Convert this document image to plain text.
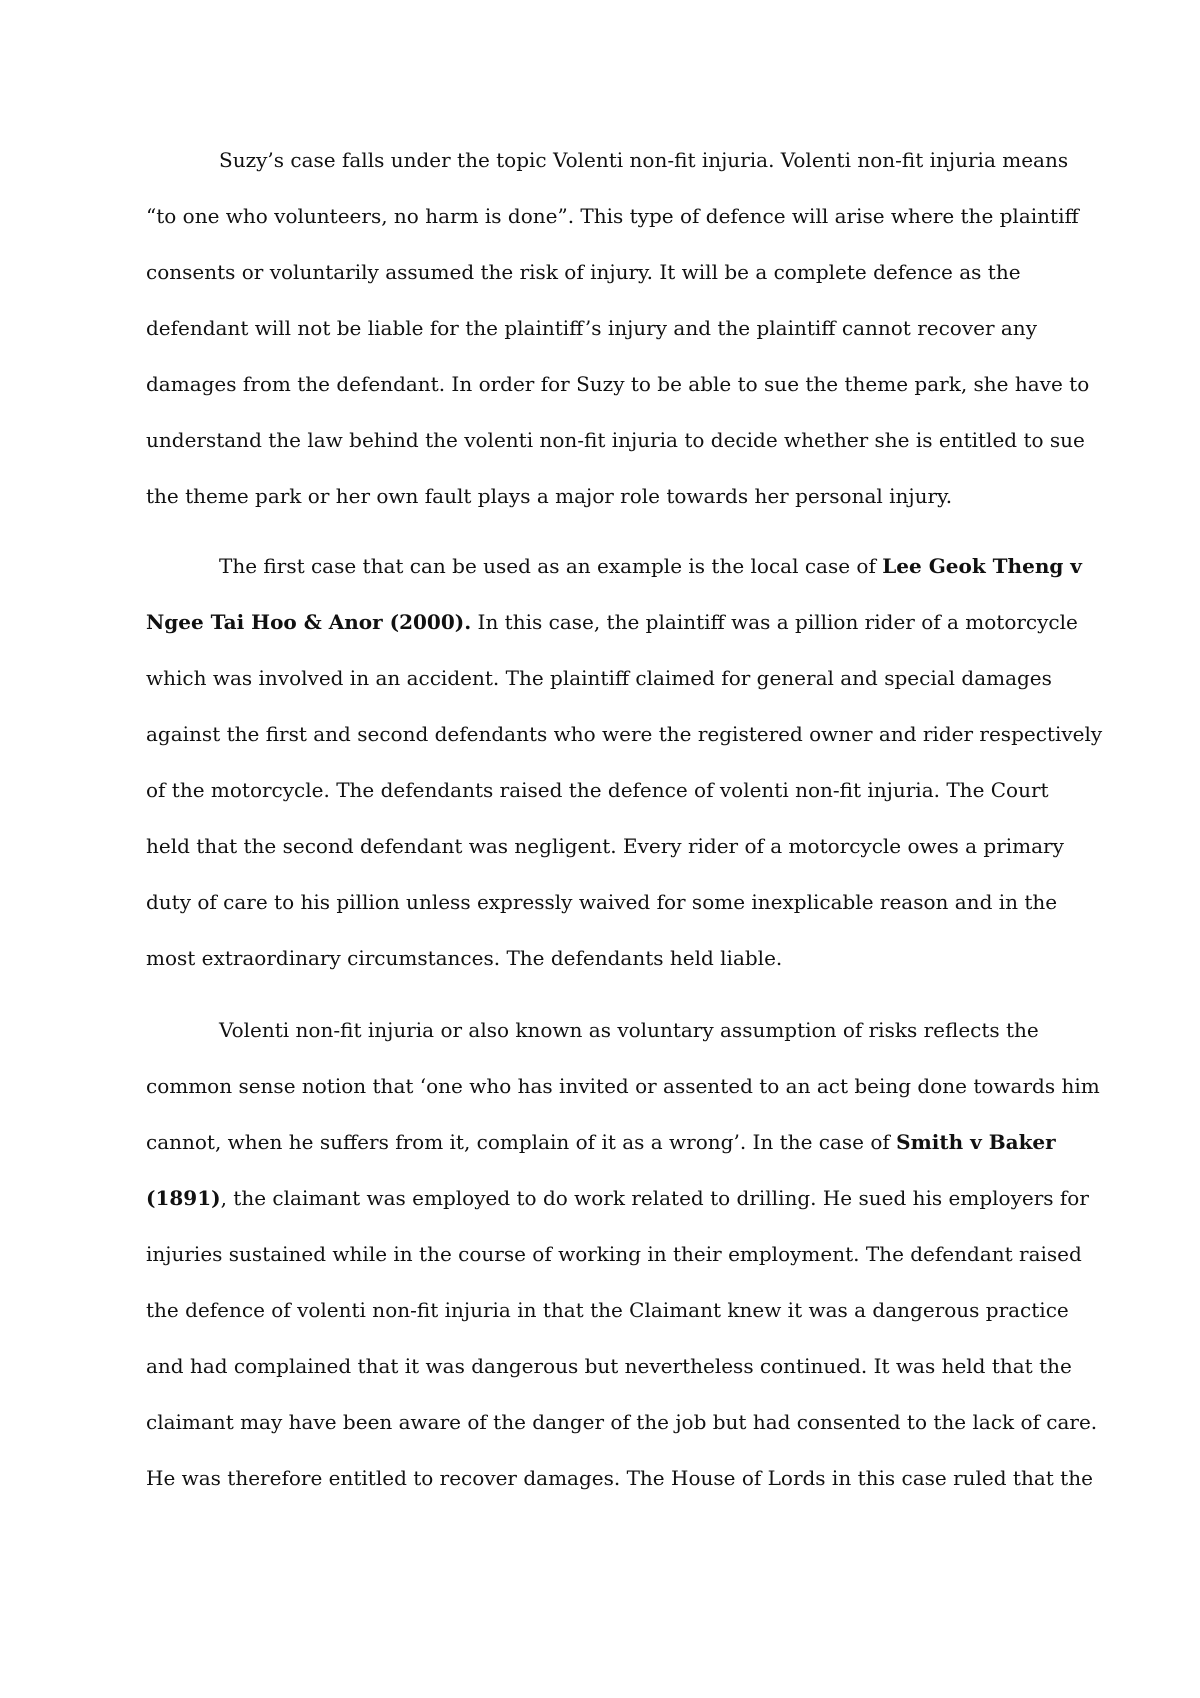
Suzy’s case falls under the topic Volenti non-fit injuria. Volenti non-fit injuria means
“to one who volunteers, no harm is done”. This type of defence will arise where the plaintiff
consents or voluntarily assumed the risk of injury. It will be a complete defence as the
defendant will not be liable for the plaintiff’s injury and the plaintiff cannot recover any
damages from the defendant. In order for Suzy to be able to sue the theme park, she have to
understand the law behind the volenti non-fit injuria to decide whether she is entitled to sue
the theme park or her own fault plays a major role towards her personal injury.
The first case that can be used as an example is the local case of Lee Geok Theng v
Ngee Tai Hoo & Anor (2000). In this case, the plaintiff was a pillion rider of a motorcycle
which was involved in an accident. The plaintiff claimed for general and special damages
against the first and second defendants who were the registered owner and rider respectively
of the motorcycle. The defendants raised the defence of volenti non-fit injuria. The Court
held that the second defendant was negligent. Every rider of a motorcycle owes a primary
duty of care to his pillion unless expressly waived for some inexplicable reason and in the
most extraordinary circumstances. The defendants held liable.
Volenti non-fit injuria or also known as voluntary assumption of risks reflects the
common sense notion that ‘one who has invited or assented to an act being done towards him
cannot, when he suffers from it, complain of it as a wrong’. In the case of Smith v Baker
(1891), the claimant was employed to do work related to drilling. He sued his employers for
injuries sustained while in the course of working in their employment. The defendant raised
the defence of volenti non-fit injuria in that the Claimant knew it was a dangerous practice
and had complained that it was dangerous but nevertheless continued. It was held that the
claimant may have been aware of the danger of the job but had consented to the lack of care.
He was therefore entitled to recover damages. The House of Lords in this case ruled that the
